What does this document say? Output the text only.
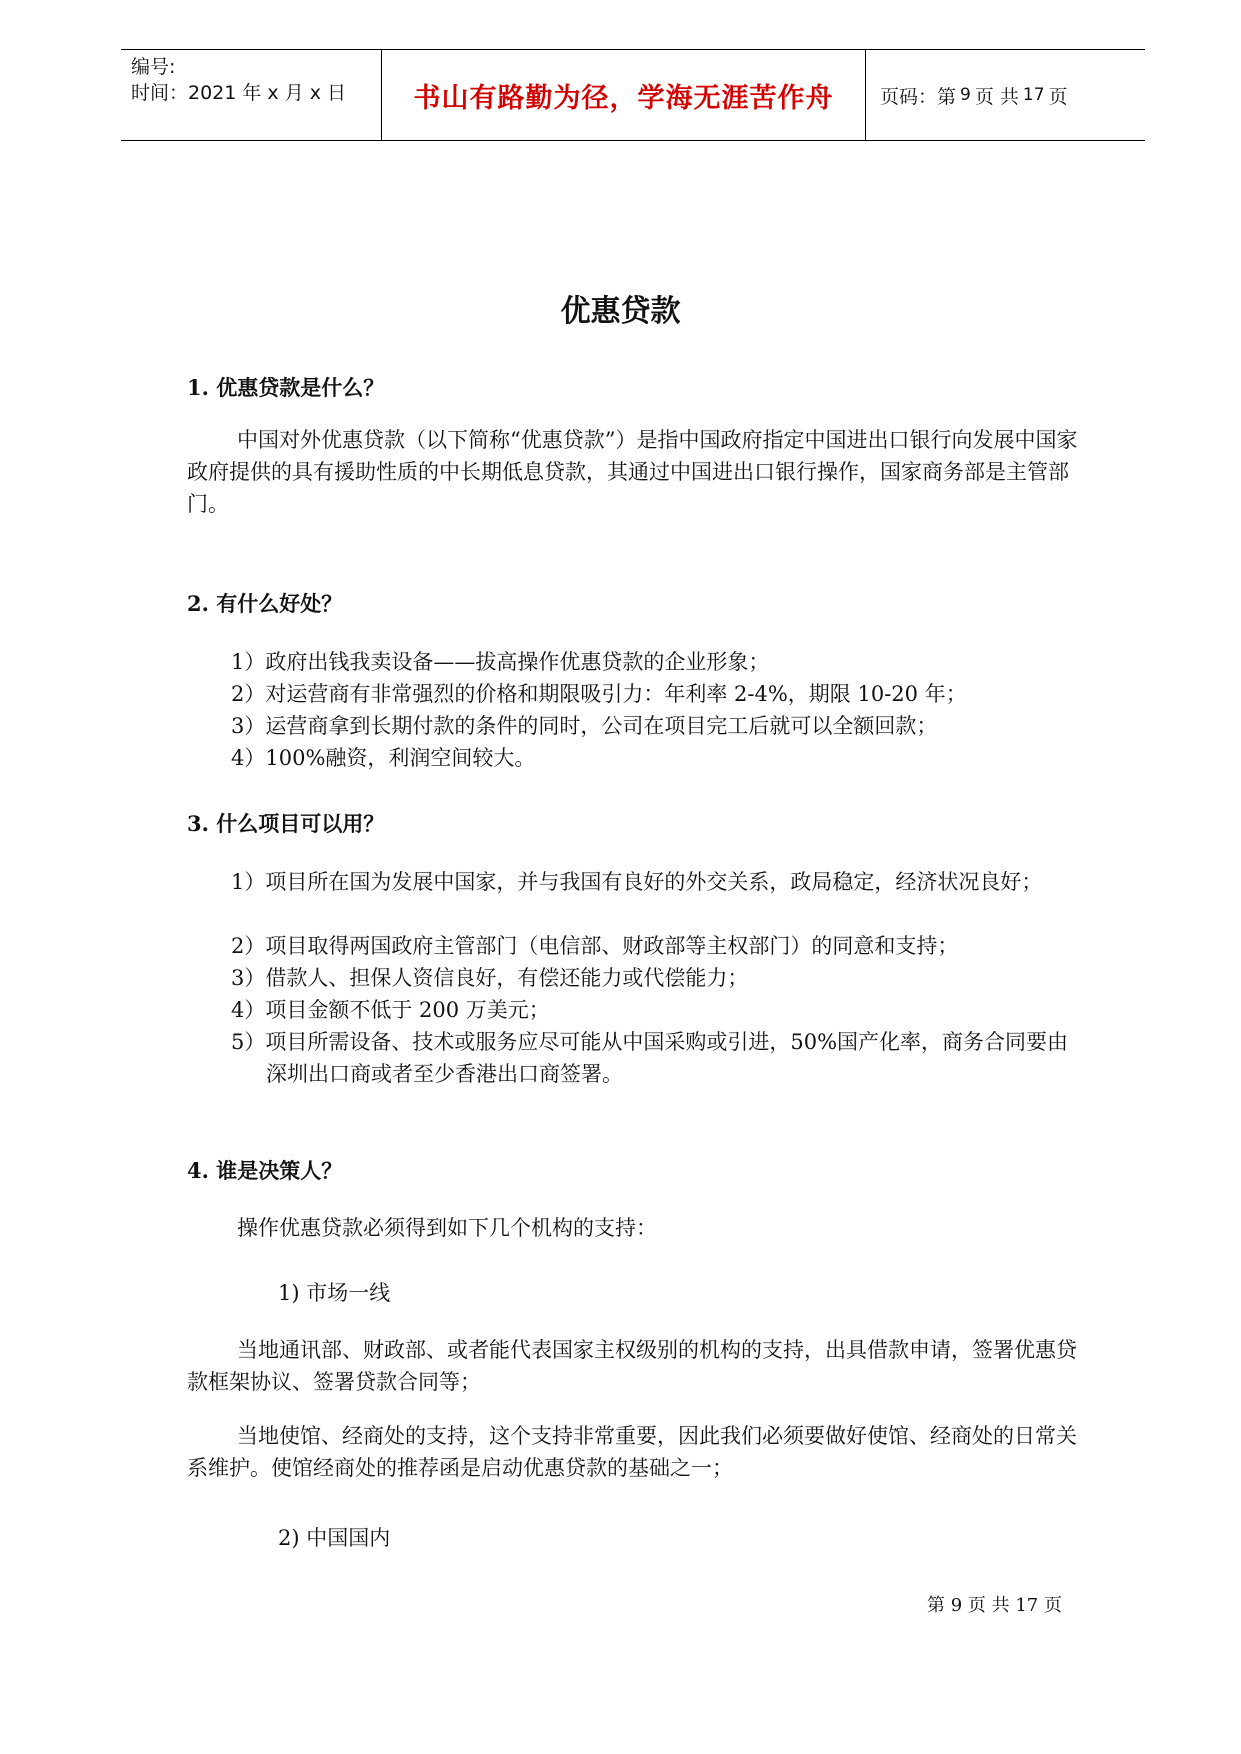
编号:
时间：2021 年 x 月 x 日	书山有路勤为径，学海无涯苦作舟	页码：第 9 页 共 17 页
优惠贷款
1. 优惠贷款是什么？
中国对外优惠贷款（以下简称“优惠贷款”）是指中国政府指定中国进出口银行向发展中国家政府提供的具有援助性质的中长期低息贷款，其通过中国进出口银行操作，国家商务部是主管部门。
2. 有什么好处？
1）政府出钱我卖设备——拔高操作优惠贷款的企业形象；
2）对运营商有非常强烈的价格和期限吸引力：年利率 2-4%，期限 10-20 年；
3）运营商拿到长期付款的条件的同时，公司在项目完工后就可以全额回款；
4）100%融资，利润空间较大。
3. 什么项目可以用？
1）项目所在国为发展中国家，并与我国有良好的外交关系，政局稳定，经济状况良好；
2）项目取得两国政府主管部门（电信部、财政部等主权部门）的同意和支持；
3）借款人、担保人资信良好，有偿还能力或代偿能力；
4）项目金额不低于 200 万美元；
5）项目所需设备、技术或服务应尽可能从中国采购或引进，50%国产化率，商务合同要由深圳出口商或者至少香港出口商签署。
4. 谁是决策人？
操作优惠贷款必须得到如下几个机构的支持：
1) 市场一线
当地通讯部、财政部、或者能代表国家主权级别的机构的支持，出具借款申请，签署优惠贷款框架协议、签署贷款合同等；
当地使馆、经商处的支持，这个支持非常重要，因此我们必须要做好使馆、经商处的日常关系维护。使馆经商处的推荐函是启动优惠贷款的基础之一；
2) 中国国内
第 9 页 共 17 页
